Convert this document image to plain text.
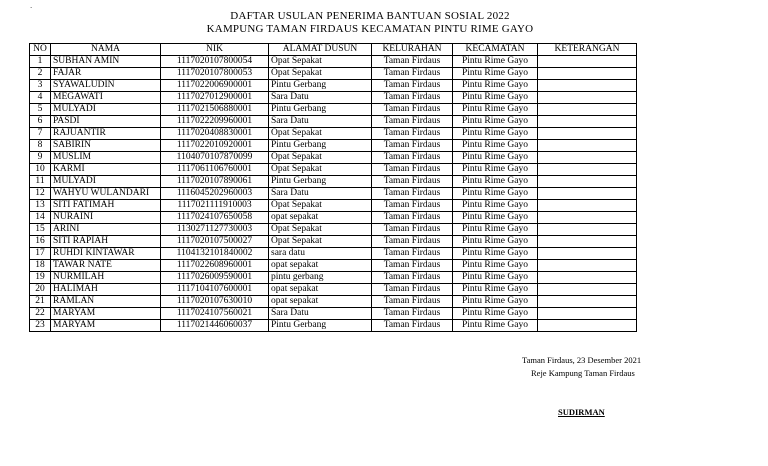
`	DAFTAR USULAN PENERIMA BANTUAN SOSIAL 2022
KAMPUNG TAMAN FIRDAUS KECAMATAN PINTU RIME GAYO
NO	NAMA	NIK	ALAMAT DUSUN	KELURAHAN	KECAMATAN	KETERANGAN
1	SUBHAN AMIN	1117020107800054	Opat Sepakat	Taman Firdaus	Pintu Rime Gayo	
2	FAJAR	1117020107800053	Opat Sepakat	Taman Firdaus	Pintu Rime Gayo	
3	SYAWALUDIN	1117022006900001	Pintu Gerbang	Taman Firdaus	Pintu Rime Gayo	
4	MEGAWATI	1117027012900001	Sara Datu	Taman Firdaus	Pintu Rime Gayo	
5	MULYADI	1117021506880001	Pintu Gerbang	Taman Firdaus	Pintu Rime Gayo	
6	PASDI	1117022209960001	Sara Datu	Taman Firdaus	Pintu Rime Gayo	
7	RAJUANTIR	1117020408830001	Opat Sepakat	Taman Firdaus	Pintu Rime Gayo	
8	SABIRIN	1117022010920001	Pintu Gerbang	Taman Firdaus	Pintu Rime Gayo	
9	MUSLIM	1104070107870099	Opat Sepakat	Taman Firdaus	Pintu Rime Gayo	
10	KARMI	1117061106760001	Opat Sepakat	Taman Firdaus	Pintu Rime Gayo	
11	MULYADI	1117020107890061	Pintu Gerbang	Taman Firdaus	Pintu Rime Gayo	
12	WAHYU WULANDARI	1116045202960003	Sara Datu	Taman Firdaus	Pintu Rime Gayo	
13	SITI FATIMAH	1117021111910003	Opat Sepakat	Taman Firdaus	Pintu Rime Gayo	
14	NURAINI	1117024107650058	opat sepakat	Taman Firdaus	Pintu Rime Gayo	
15	ARINI	1130271127730003	Opat Sepakat	Taman Firdaus	Pintu Rime Gayo	
16	SITI RAPIAH	1117020107500027	Opat Sepakat	Taman Firdaus	Pintu Rime Gayo	
17	RUHDI KINTAWAR	1104132101840002	sara datu	Taman Firdaus	Pintu Rime Gayo	
18	TAWAR NATE	1117022608960001	opat sepakat	Taman Firdaus	Pintu Rime Gayo	
19	NURMILAH	1117026009590001	pintu gerbang	Taman Firdaus	Pintu Rime Gayo	
20	HALIMAH	1117104107600001	opat sepakat	Taman Firdaus	Pintu Rime Gayo	
21	RAMLAN	1117020107630010	opat sepakat	Taman Firdaus	Pintu Rime Gayo	
22	MARYAM	1117024107560021	Sara Datu	Taman Firdaus	Pintu Rime Gayo	
23	MARYAM	1117021446060037	Pintu Gerbang	Taman Firdaus	Pintu Rime Gayo	
Taman Firdaus, 23 Desember 2021
Reje Kampung Taman Firdaus
SUDIRMAN
